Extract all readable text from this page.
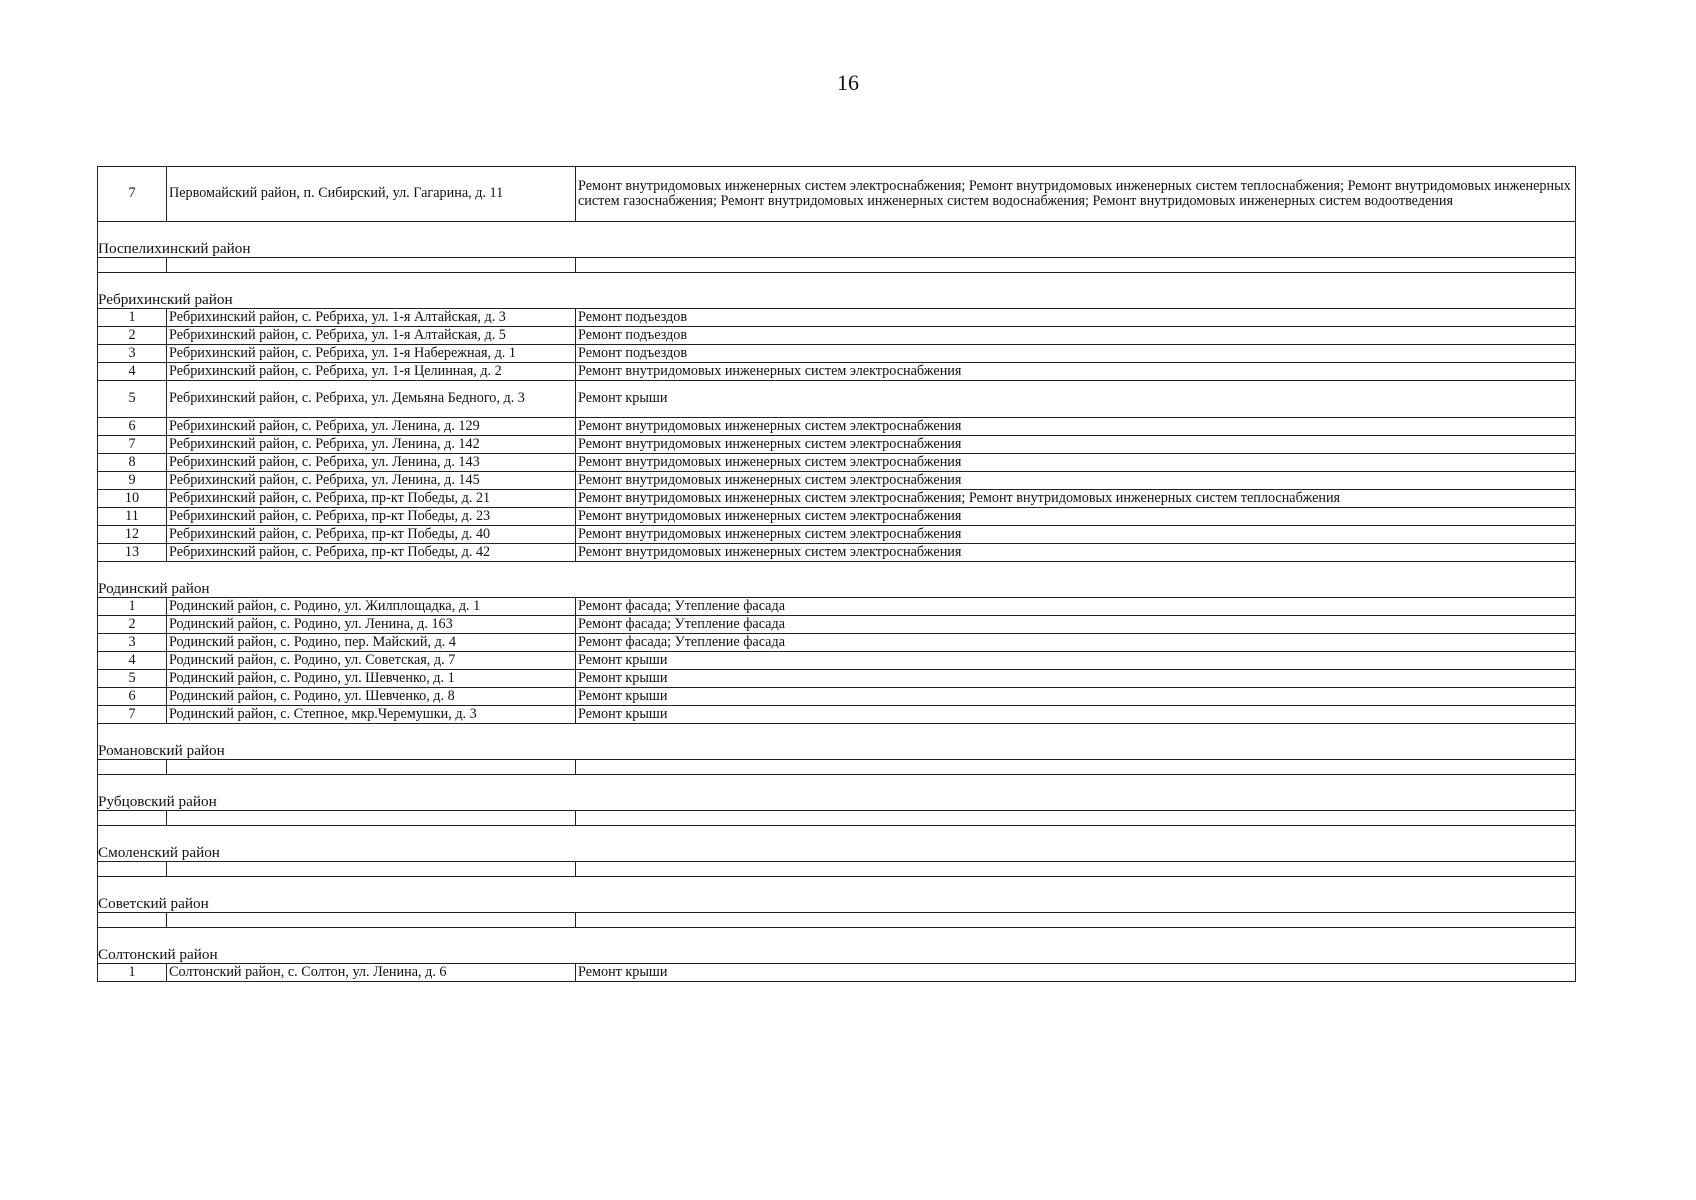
16
7	Первомайский район, п. Сибирский, ул. Гагарина, д. 11	Ремонт внутридомовых инженерных систем электроснабжения; Ремонт внутридомовых инженерных систем теплоснабжения; Ремонт внутридомовых инженерных систем газоснабжения; Ремонт внутридомовых инженерных систем водоснабжения; Ремонт внутридомовых инженерных систем водоотведения

Поспелихинский район		

Ребрихинский район		
1	Ребрихинский район, с. Ребриха, ул. 1-я Алтайская, д. 3	Ремонт подъездов
2	Ребрихинский район, с. Ребриха, ул. 1-я Алтайская, д. 5	Ремонт подъездов
3	Ребрихинский район, с. Ребриха, ул. 1-я Набережная, д. 1	Ремонт подъездов
4	Ребрихинский район, с. Ребриха, ул. 1-я Целинная, д. 2	Ремонт внутридомовых инженерных систем электроснабжения
5	Ребрихинский район, с. Ребриха, ул. Демьяна Бедного, д. 3	Ремонт крыши
6	Ребрихинский район, с. Ребриха, ул. Ленина, д. 129	Ремонт внутридомовых инженерных систем электроснабжения
7	Ребрихинский район, с. Ребриха, ул. Ленина, д. 142	Ремонт внутридомовых инженерных систем электроснабжения
8	Ребрихинский район, с. Ребриха, ул. Ленина, д. 143	Ремонт внутридомовых инженерных систем электроснабжения
9	Ребрихинский район, с. Ребриха, ул. Ленина, д. 145	Ремонт внутридомовых инженерных систем электроснабжения
10	Ребрихинский район, с. Ребриха, пр-кт Победы, д. 21	Ремонт внутридомовых инженерных систем электроснабжения; Ремонт внутридомовых инженерных систем теплоснабжения
11	Ребрихинский район, с. Ребриха, пр-кт Победы, д. 23	Ремонт внутридомовых инженерных систем электроснабжения
12	Ребрихинский район, с. Ребриха, пр-кт Победы, д. 40	Ремонт внутридомовых инженерных систем электроснабжения
13	Ребрихинский район, с. Ребриха, пр-кт Победы, д. 42	Ремонт внутридомовых инженерных систем электроснабжения

Родинский район		
1	Родинский район, с. Родино, ул. Жилплощадка, д. 1	Ремонт фасада; Утепление фасада
2	Родинский район, с. Родино, ул. Ленина, д. 163	Ремонт фасада; Утепление фасада
3	Родинский район, с. Родино, пер. Майский, д. 4	Ремонт фасада; Утепление фасада
4	Родинский район, с. Родино, ул. Советская, д. 7	Ремонт крыши
5	Родинский район, с. Родино, ул. Шевченко, д. 1	Ремонт крыши
6	Родинский район, с. Родино, ул. Шевченко, д. 8	Ремонт крыши
7	Родинский район, с. Степное, мкр.Черемушки, д. 3	Ремонт крыши

Романовский район		

Рубцовский район		

Смоленский район		

Советский район		

Солтонский район		
1	Солтонский район, с. Солтон, ул. Ленина, д. 6	Ремонт крыши
